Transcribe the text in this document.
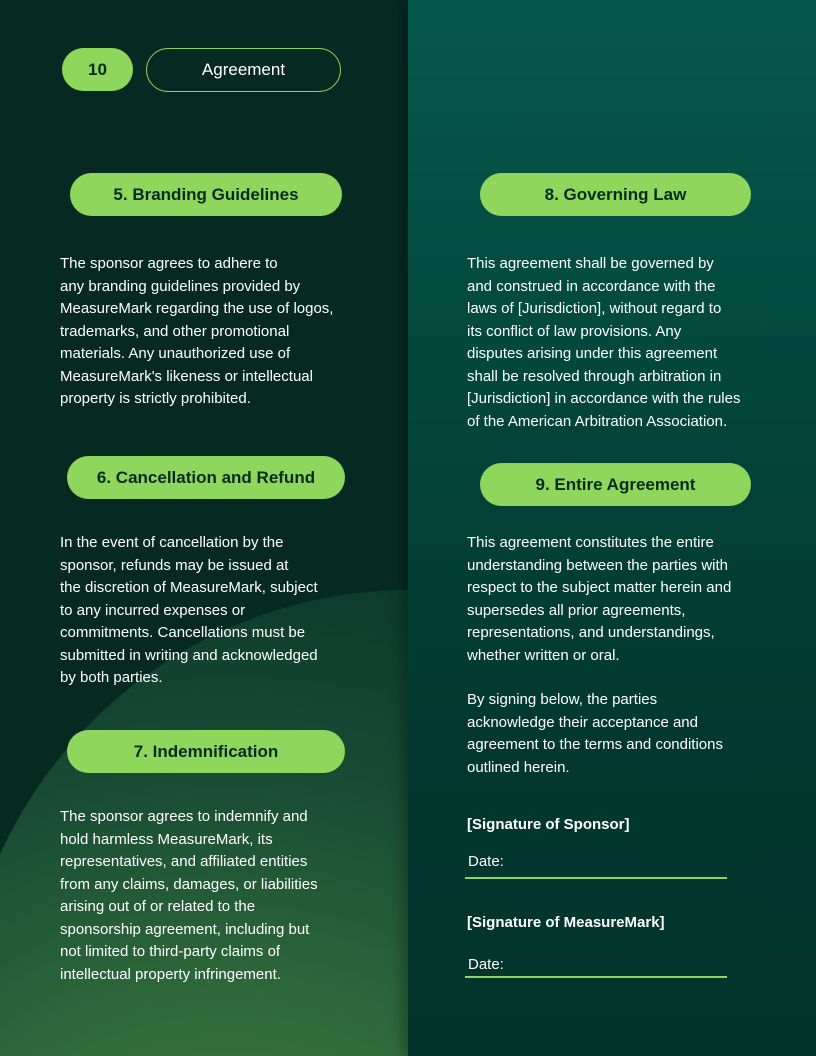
10	Agreement
5. Branding Guidelines

The sponsor agrees to adhere to
any branding guidelines provided by
MeasureMark regarding the use of logos,
trademarks, and other promotional
materials. Any unauthorized use of
MeasureMark's likeness or intellectual
property is strictly prohibited.

6. Cancellation and Refund

In the event of cancellation by the
sponsor, refunds may be issued at
the discretion of MeasureMark, subject
to any incurred expenses or
commitments. Cancellations must be
submitted in writing and acknowledged
by both parties.

7. Indemnification

The sponsor agrees to indemnify and
hold harmless MeasureMark, its
representatives, and affiliated entities
from any claims, damages, or liabilities
arising out of or related to the
sponsorship agreement, including but
not limited to third-party claims of
intellectual property infringement.

8. Governing Law

This agreement shall be governed by
and construed in accordance with the
laws of [Jurisdiction], without regard to
its conflict of law provisions. Any
disputes arising under this agreement
shall be resolved through arbitration in
[Jurisdiction] in accordance with the rules
of the American Arbitration Association.

9. Entire Agreement

This agreement constitutes the entire
understanding between the parties with
respect to the subject matter herein and
supersedes all prior agreements,
representations, and understandings,
whether written or oral.

By signing below, the parties
acknowledge their acceptance and
agreement to the terms and conditions
outlined herein.

[Signature of Sponsor]
Date:
[Signature of MeasureMark]
Date:
